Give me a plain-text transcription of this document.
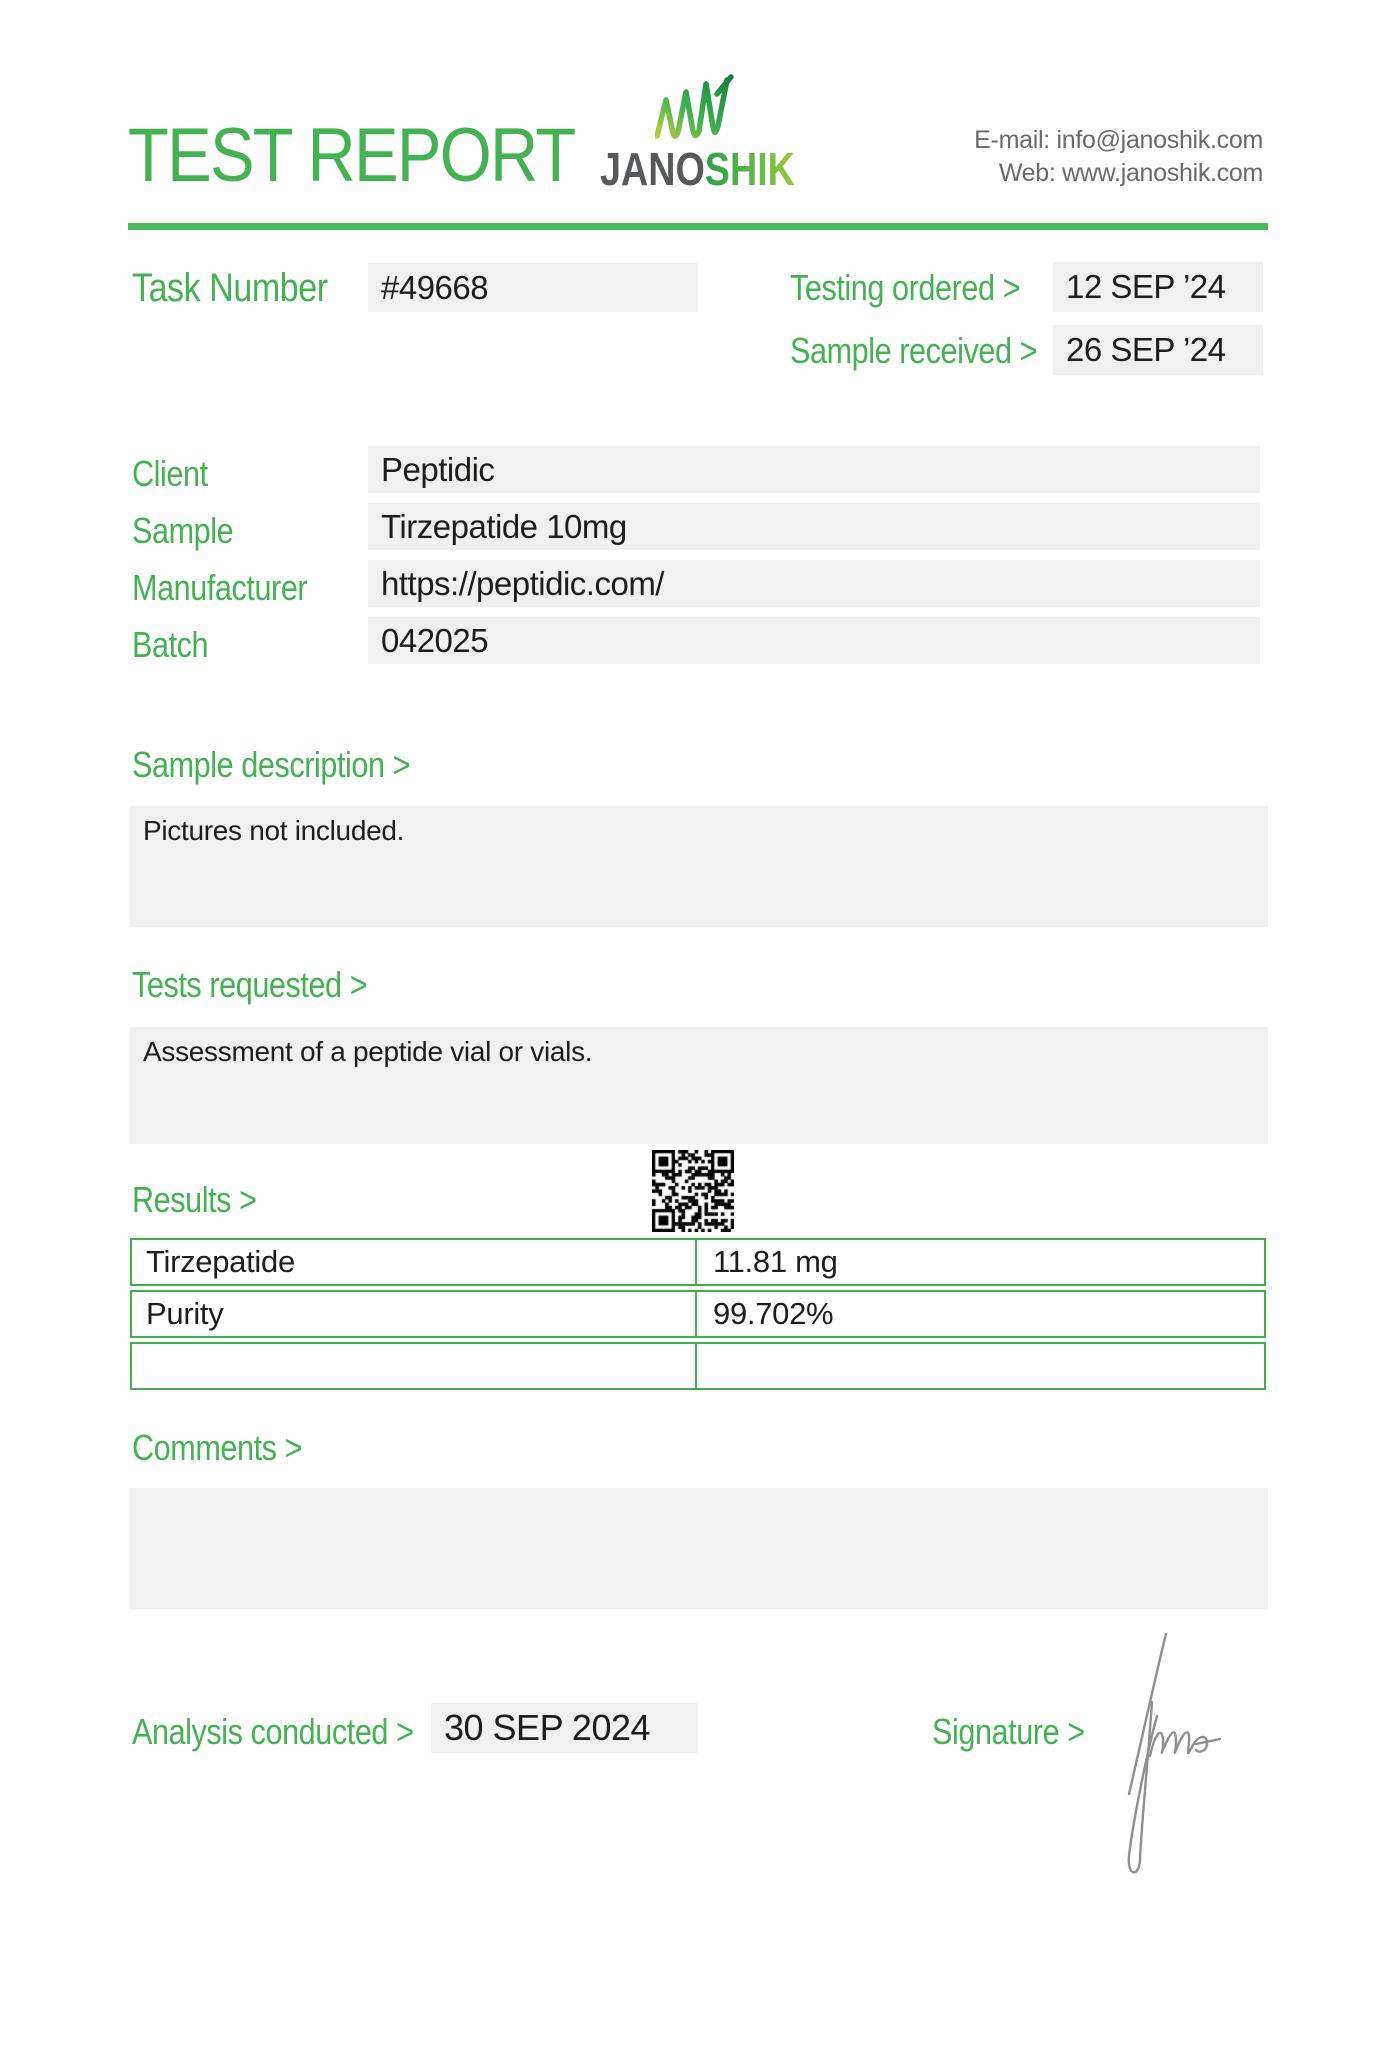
TEST REPORT JANOSHIK
E-mail: info@janoshik.com
Web: www.janoshik.com
Task Number	#49668	Testing ordered >	12 SEP ’24
Sample received > 26 SEP ’24
Client	Peptidic
Sample	Tirzepatide 10mg
Manufacturer	https://peptidic.com/
Batch	042025
Sample description >
Pictures not included.
Tests requested >
Assessment of a peptide vial or vials.
Results >
Tirzepatide	11.81 mg
Purity	99.702%
Comments >
Analysis conducted > 30 SEP 2024	Signature >
